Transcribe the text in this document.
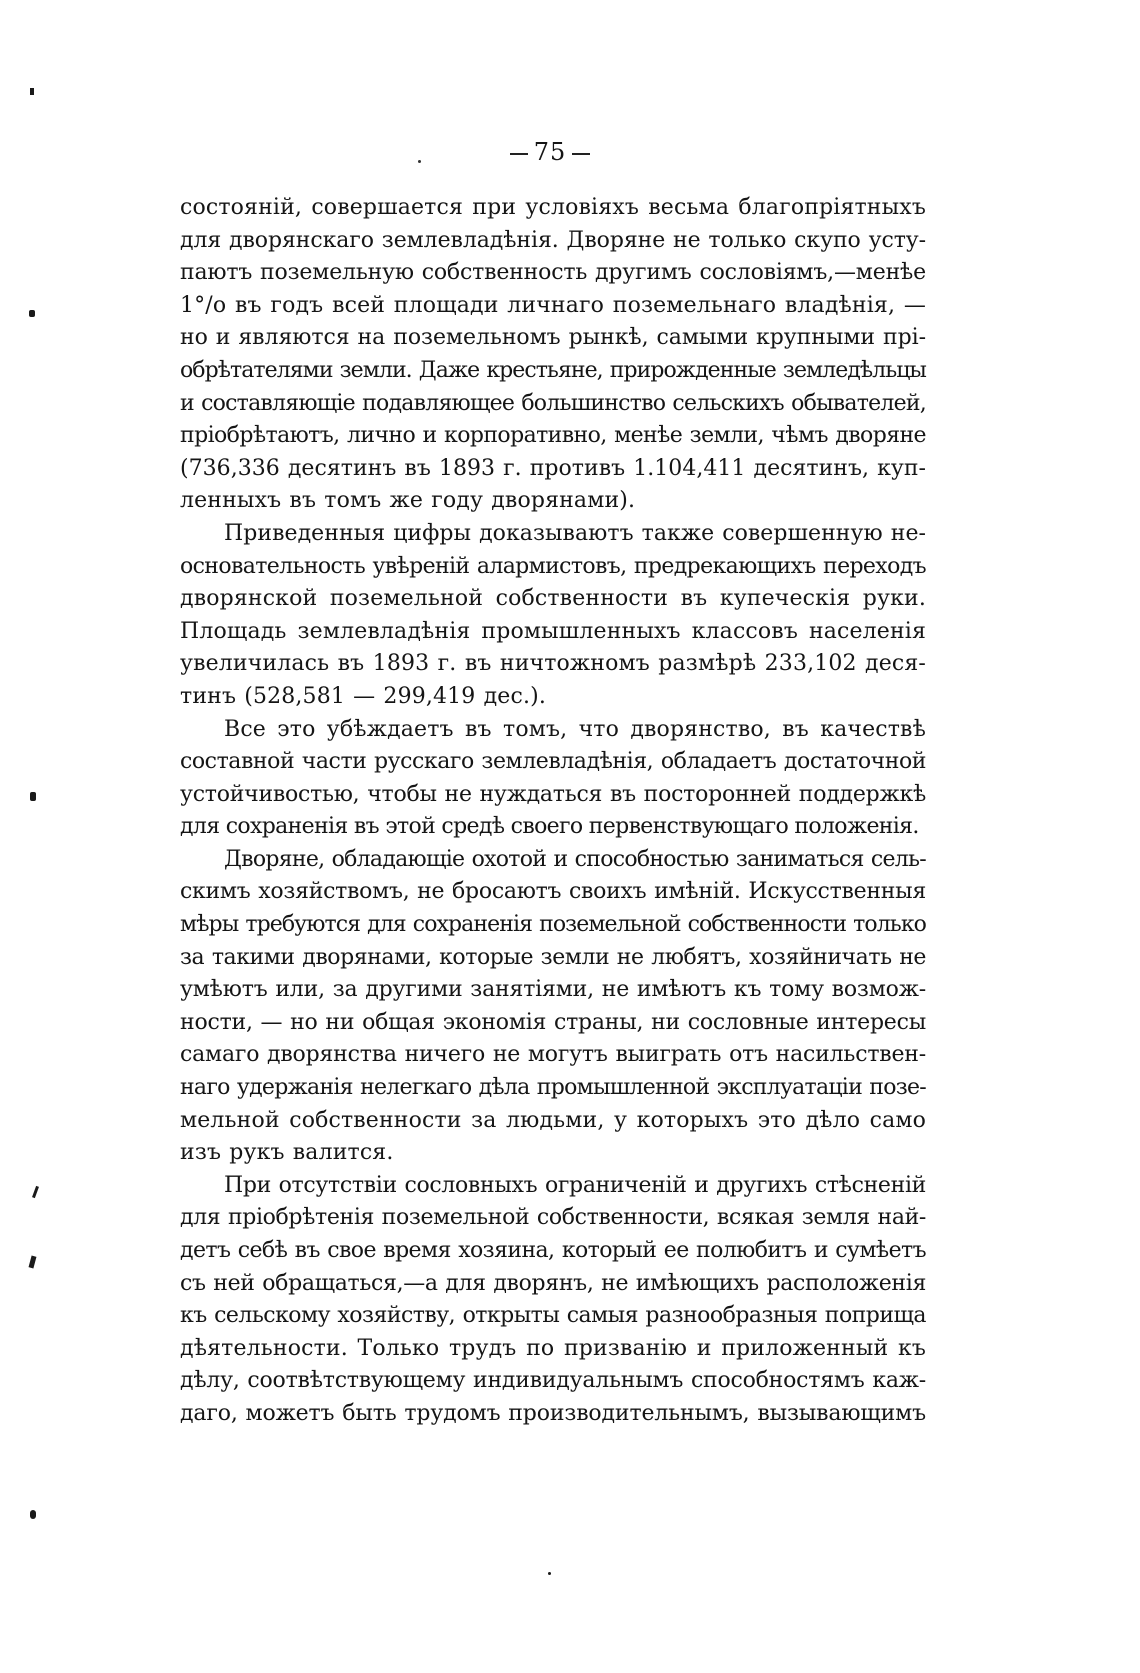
75

состояній, совершается при условіяхъ весьма благопріятныхъ
для дворянскаго землевладѣнія. Дворяне не только скупо усту-
паютъ поземельную собственность другимъ сословіямъ,—менѣе
1°/о въ годъ всей площади личнаго поземельнаго владѣнія, —
но и являются на поземельномъ рынкѣ, самыми крупными прі-
обрѣтателями земли. Даже крестьяне, прирожденные земледѣльцы
и составляющіе подавляющее большинство сельскихъ обывателей,
пріобрѣтаютъ, лично и корпоративно, менѣе земли, чѣмъ дворяне
(736,336 десятинъ въ 1893 г. противъ 1.104,411 десятинъ, куп-
ленныхъ въ томъ же году дворянами).

Приведенныя цифры доказываютъ также совершенную не-
основательность увѣреній алармистовъ, предрекающихъ переходъ
дворянской поземельной собственности въ купеческія руки.
Площадь землевладѣнія промышленныхъ классовъ населенія
увеличилась въ 1893 г. въ ничтожномъ размѣрѣ 233,102 деся-
тинъ (528,581 — 299,419 дес.).

Все это убѣждаетъ въ томъ, что дворянство, въ качествѣ
составной части русскаго землевладѣнія, обладаетъ достаточной
устойчивостью, чтобы не нуждаться въ посторонней поддержкѣ
для сохраненія въ этой средѣ своего первенствующаго положенія.

Дворяне, обладающіе охотой и способностью заниматься сель-
скимъ хозяйствомъ, не бросаютъ своихъ имѣній. Искусственныя
мѣры требуются для сохраненія поземельной собственности только
за такими дворянами, которые земли не любятъ, хозяйничать не
умѣютъ или, за другими занятіями, не имѣютъ къ тому возмож-
ности, — но ни общая экономія страны, ни сословные интересы
самаго дворянства ничего не могутъ выиграть отъ насильствен-
наго удержанія нелегкаго дѣла промышленной эксплуатаціи позе-
мельной собственности за людьми, у которыхъ это дѣло само
изъ рукъ валится.

При отсутствіи сословныхъ ограниченій и другихъ стѣсненій
для пріобрѣтенія поземельной собственности, всякая земля най-
детъ себѣ въ свое время хозяина, который ее полюбитъ и сумѣетъ
съ ней обращаться,—а для дворянъ, не имѣющихъ расположенія
къ сельскому хозяйству, открыты самыя разнообразныя поприща
дѣятельности. Только трудъ по призванію и приложенный къ
дѣлу, соотвѣтствующему индивидуальнымъ способностямъ каж-
даго, можетъ быть трудомъ производительнымъ, вызывающимъ
